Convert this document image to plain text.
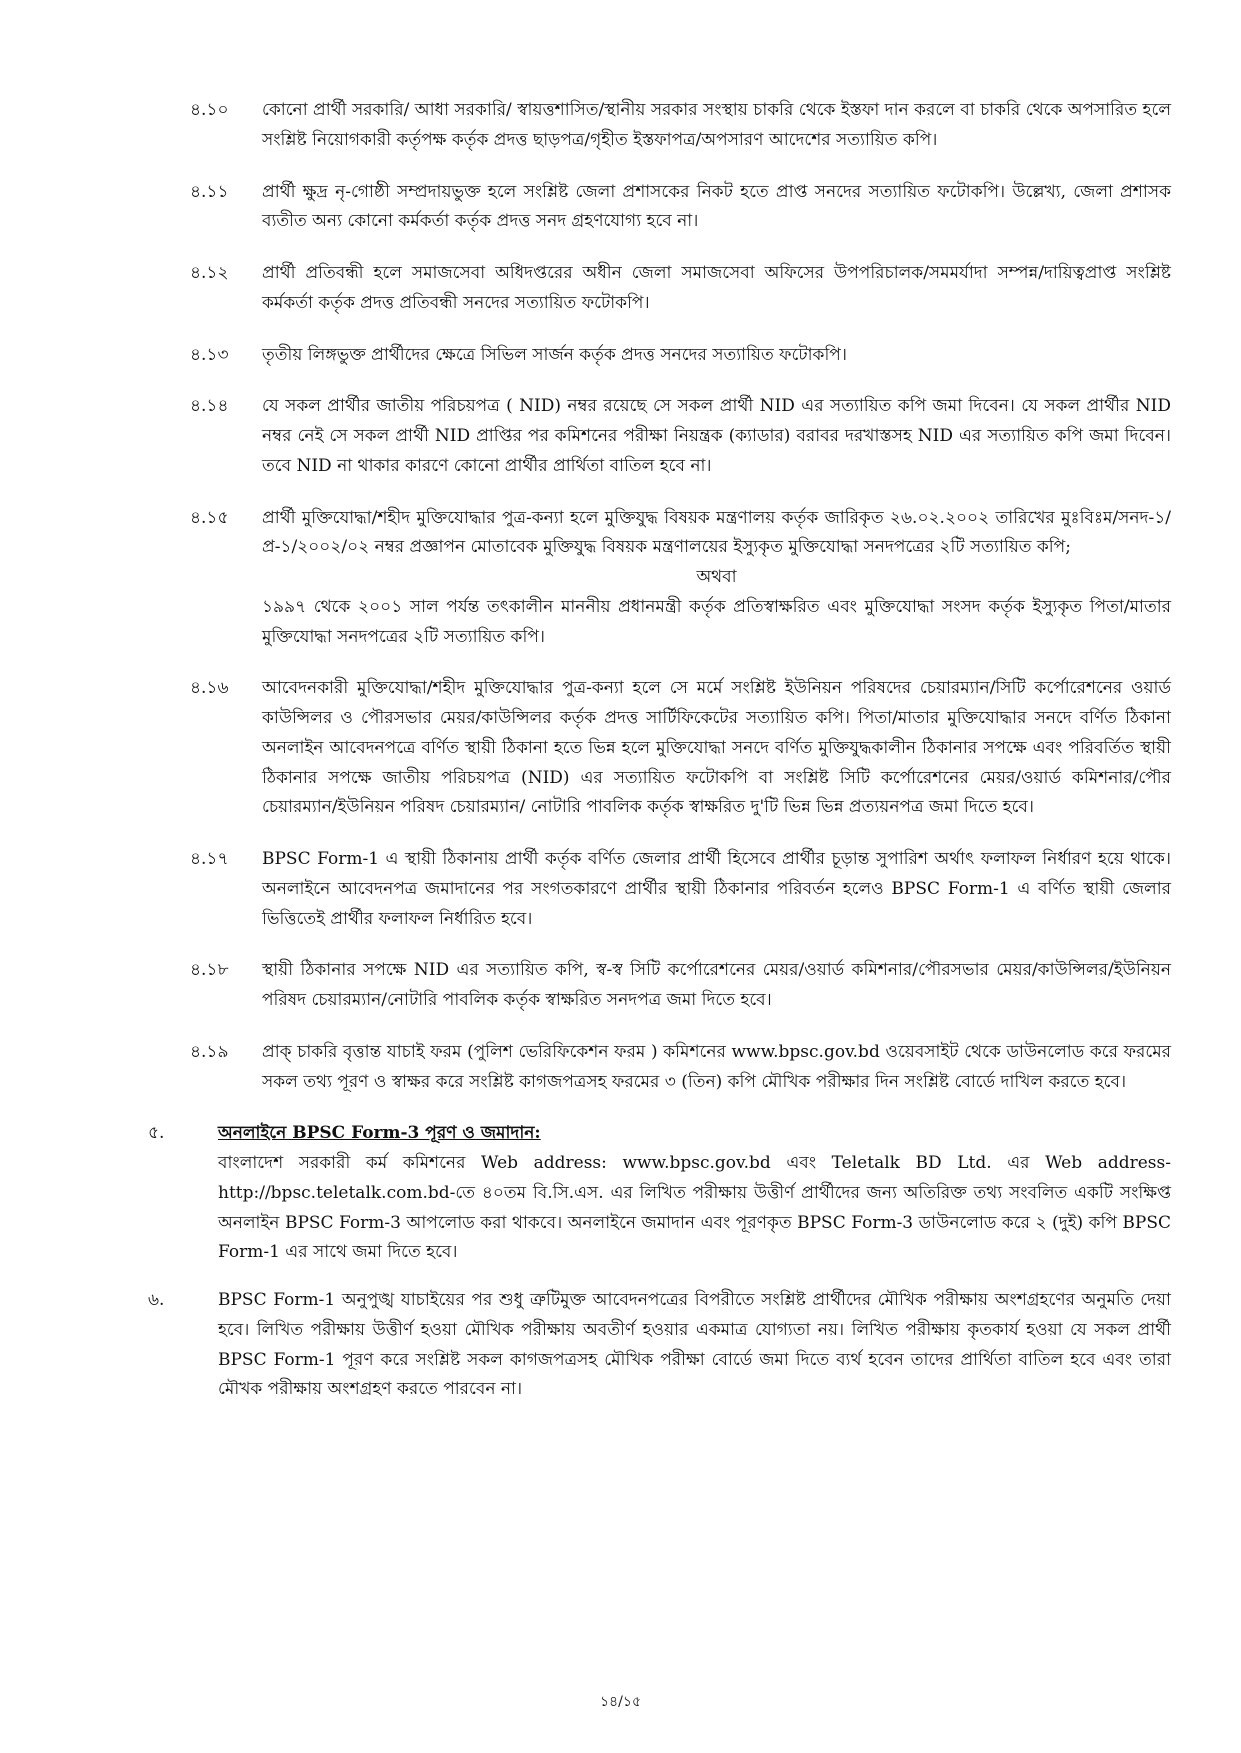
৪.১০	কোনো প্রার্থী সরকারি/ আধা সরকারি/ স্বায়ত্তশাসিত/স্থানীয় সরকার সংস্থায় চাকরি থেকে ইস্তফা দান করলে বা চাকরি থেকে অপসারিত হলে সংশ্লিষ্ট নিয়োগকারী কর্তৃপক্ষ কর্তৃক প্রদত্ত ছাড়পত্র/গৃহীত ইস্তফাপত্র/অপসারণ আদেশের সত্যায়িত কপি।
৪.১১	প্রার্থী ক্ষুদ্র নৃ-গোষ্ঠী সম্প্রদায়ভুক্ত হলে সংশ্লিষ্ট জেলা প্রশাসকের নিকট হতে প্রাপ্ত সনদের সত্যায়িত ফটোকপি। উল্লেখ্য, জেলা প্রশাসক ব্যতীত অন্য কোনো কর্মকর্তা কর্তৃক প্রদত্ত সনদ গ্রহণযোগ্য হবে না।
৪.১২	প্রার্থী প্রতিবন্ধী হলে সমাজসেবা অধিদপ্তরের অধীন জেলা সমাজসেবা অফিসের উপপরিচালক/সমমর্যাদা সম্পন্ন/দায়িত্বপ্রাপ্ত সংশ্লিষ্ট কর্মকর্তা কর্তৃক প্রদত্ত প্রতিবন্ধী সনদের সত্যায়িত ফটোকপি।
৪.১৩	তৃতীয় লিঙ্গভুক্ত প্রার্থীদের ক্ষেত্রে সিভিল সার্জন কর্তৃক প্রদত্ত সনদের সত্যায়িত ফটোকপি।
৪.১৪	যে সকল প্রার্থীর জাতীয় পরিচয়পত্র ( NID) নম্বর রয়েছে সে সকল প্রার্থী NID এর সত্যায়িত কপি জমা দিবেন। যে সকল প্রার্থীর NID নম্বর নেই সে সকল প্রার্থী NID প্রাপ্তির পর কমিশনের পরীক্ষা নিয়ন্ত্রক (ক্যাডার) বরাবর দরখাস্তসহ NID এর সত্যায়িত কপি জমা দিবেন। তবে NID না থাকার কারণে কোনো প্রার্থীর প্রার্থিতা বাতিল হবে না।
৪.১৫	প্রার্থী মুক্তিযোদ্ধা/শহীদ মুক্তিযোদ্ধার পুত্র-কন্যা হলে মুক্তিযুদ্ধ বিষয়ক মন্ত্রণালয় কর্তৃক জারিকৃত ২৬.০২.২০০২ তারিখের মুঃবিঃম/সনদ-১/প্র-১/২০০২/০২ নম্বর প্রজ্ঞাপন মোতাবেক মুক্তিযুদ্ধ বিষয়ক মন্ত্রণালয়ের ইস্যুকৃত মুক্তিযোদ্ধা সনদপত্রের ২টি সত্যায়িত কপি;

অথবা

১৯৯৭ থেকে ২০০১ সাল পর্যন্ত তৎকালীন মাননীয় প্রধানমন্ত্রী কর্তৃক প্রতিস্বাক্ষরিত এবং মুক্তিযোদ্ধা সংসদ কর্তৃক ইস্যুকৃত পিতা/মাতার মুক্তিযোদ্ধা সনদপত্রের ২টি সত্যায়িত কপি।

৪.১৬	আবেদনকারী মুক্তিযোদ্ধা/শহীদ মুক্তিযোদ্ধার পুত্র-কন্যা হলে সে মর্মে সংশ্লিষ্ট ইউনিয়ন পরিষদের চেয়ারম্যান/সিটি কর্পোরেশনের ওয়ার্ড কাউন্সিলর ও পৌরসভার মেয়র/কাউন্সিলর কর্তৃক প্রদত্ত সার্টিফিকেটের সত্যায়িত কপি। পিতা/মাতার মুক্তিযোদ্ধার সনদে বর্ণিত ঠিকানা অনলাইন আবেদনপত্রে বর্ণিত স্থায়ী ঠিকানা হতে ভিন্ন হলে মুক্তিযোদ্ধা সনদে বর্ণিত মুক্তিযুদ্ধকালীন ঠিকানার সপক্ষে এবং পরিবর্তিত স্থায়ী ঠিকানার সপক্ষে জাতীয় পরিচয়পত্র (NID) এর সত্যায়িত ফটোকপি বা সংশ্লিষ্ট সিটি কর্পোরেশনের মেয়র/ওয়ার্ড কমিশনার/পৌর চেয়ারম্যান/ইউনিয়ন পরিষদ চেয়ারম্যান/ নোটারি পাবলিক কর্তৃক স্বাক্ষরিত দু'টি ভিন্ন ভিন্ন প্রত্যয়নপত্র জমা দিতে হবে।
৪.১৭	BPSC Form-1 এ স্থায়ী ঠিকানায় প্রার্থী কর্তৃক বর্ণিত জেলার প্রার্থী হিসেবে প্রার্থীর চূড়ান্ত সুপারিশ অর্থাৎ ফলাফল নির্ধারণ হয়ে থাকে। অনলাইনে আবেদনপত্র জমাদানের পর সংগতকারণে প্রার্থীর স্থায়ী ঠিকানার পরিবর্তন হলেও BPSC Form-1 এ বর্ণিত স্থায়ী জেলার ভিত্তিতেই প্রার্থীর ফলাফল নির্ধারিত হবে।
৪.১৮	স্থায়ী ঠিকানার সপক্ষে NID এর সত্যায়িত কপি, স্ব-স্ব সিটি কর্পোরেশনের মেয়র/ওয়ার্ড কমিশনার/পৌরসভার মেয়র/কাউন্সিলর/ইউনিয়ন পরিষদ চেয়ারম্যান/নোটারি পাবলিক কর্তৃক স্বাক্ষরিত সনদপত্র জমা দিতে হবে।
৪.১৯	প্রাক্ চাকরি বৃত্তান্ত যাচাই ফরম (পুলিশ ভেরিফিকেশন ফরম ) কমিশনের www.bpsc.gov.bd ওয়েবসাইট থেকে ডাউনলোড করে ফরমের সকল তথ্য পূরণ ও স্বাক্ষর করে সংশ্লিষ্ট কাগজপত্রসহ ফরমের ৩ (তিন) কপি মৌখিক পরীক্ষার দিন সংশ্লিষ্ট বোর্ডে দাখিল করতে হবে।
৫.	অনলাইনে BPSC Form-3 পূরণ ও জমাদান:
বাংলাদেশ সরকারী কর্ম কমিশনের Web address: www.bpsc.gov.bd এবং Teletalk BD Ltd. এর Web address-http://bpsc.teletalk.com.bd-তে ৪০তম বি.সি.এস. এর লিখিত পরীক্ষায় উত্তীর্ণ প্রার্থীদের জন্য অতিরিক্ত তথ্য সংবলিত একটি সংক্ষিপ্ত অনলাইন BPSC Form-3 আপলোড করা থাকবে। অনলাইনে জমাদান এবং পূরণকৃত BPSC Form-3 ডাউনলোড করে ২ (দুই) কপি BPSC Form-1 এর সাথে জমা দিতে হবে।
৬.	BPSC Form-1 অনুপুঙ্খ যাচাইয়ের পর শুধু ত্রুটিমুক্ত আবেদনপত্রের বিপরীতে সংশ্লিষ্ট প্রার্থীদের মৌখিক পরীক্ষায় অংশগ্রহণের অনুমতি দেয়া হবে। লিখিত পরীক্ষায় উত্তীর্ণ হওয়া মৌখিক পরীক্ষায় অবতীর্ণ হওয়ার একমাত্র যোগ্যতা নয়। লিখিত পরীক্ষায় কৃতকার্য হওয়া যে সকল প্রার্থী BPSC Form-1 পূরণ করে সংশ্লিষ্ট সকল কাগজপত্রসহ মৌখিক পরীক্ষা বোর্ডে জমা দিতে ব্যর্থ হবেন তাদের প্রার্থিতা বাতিল হবে এবং তারা মৌখক পরীক্ষায় অংশগ্রহণ করতে পারবেন না।
১৪/১৫
